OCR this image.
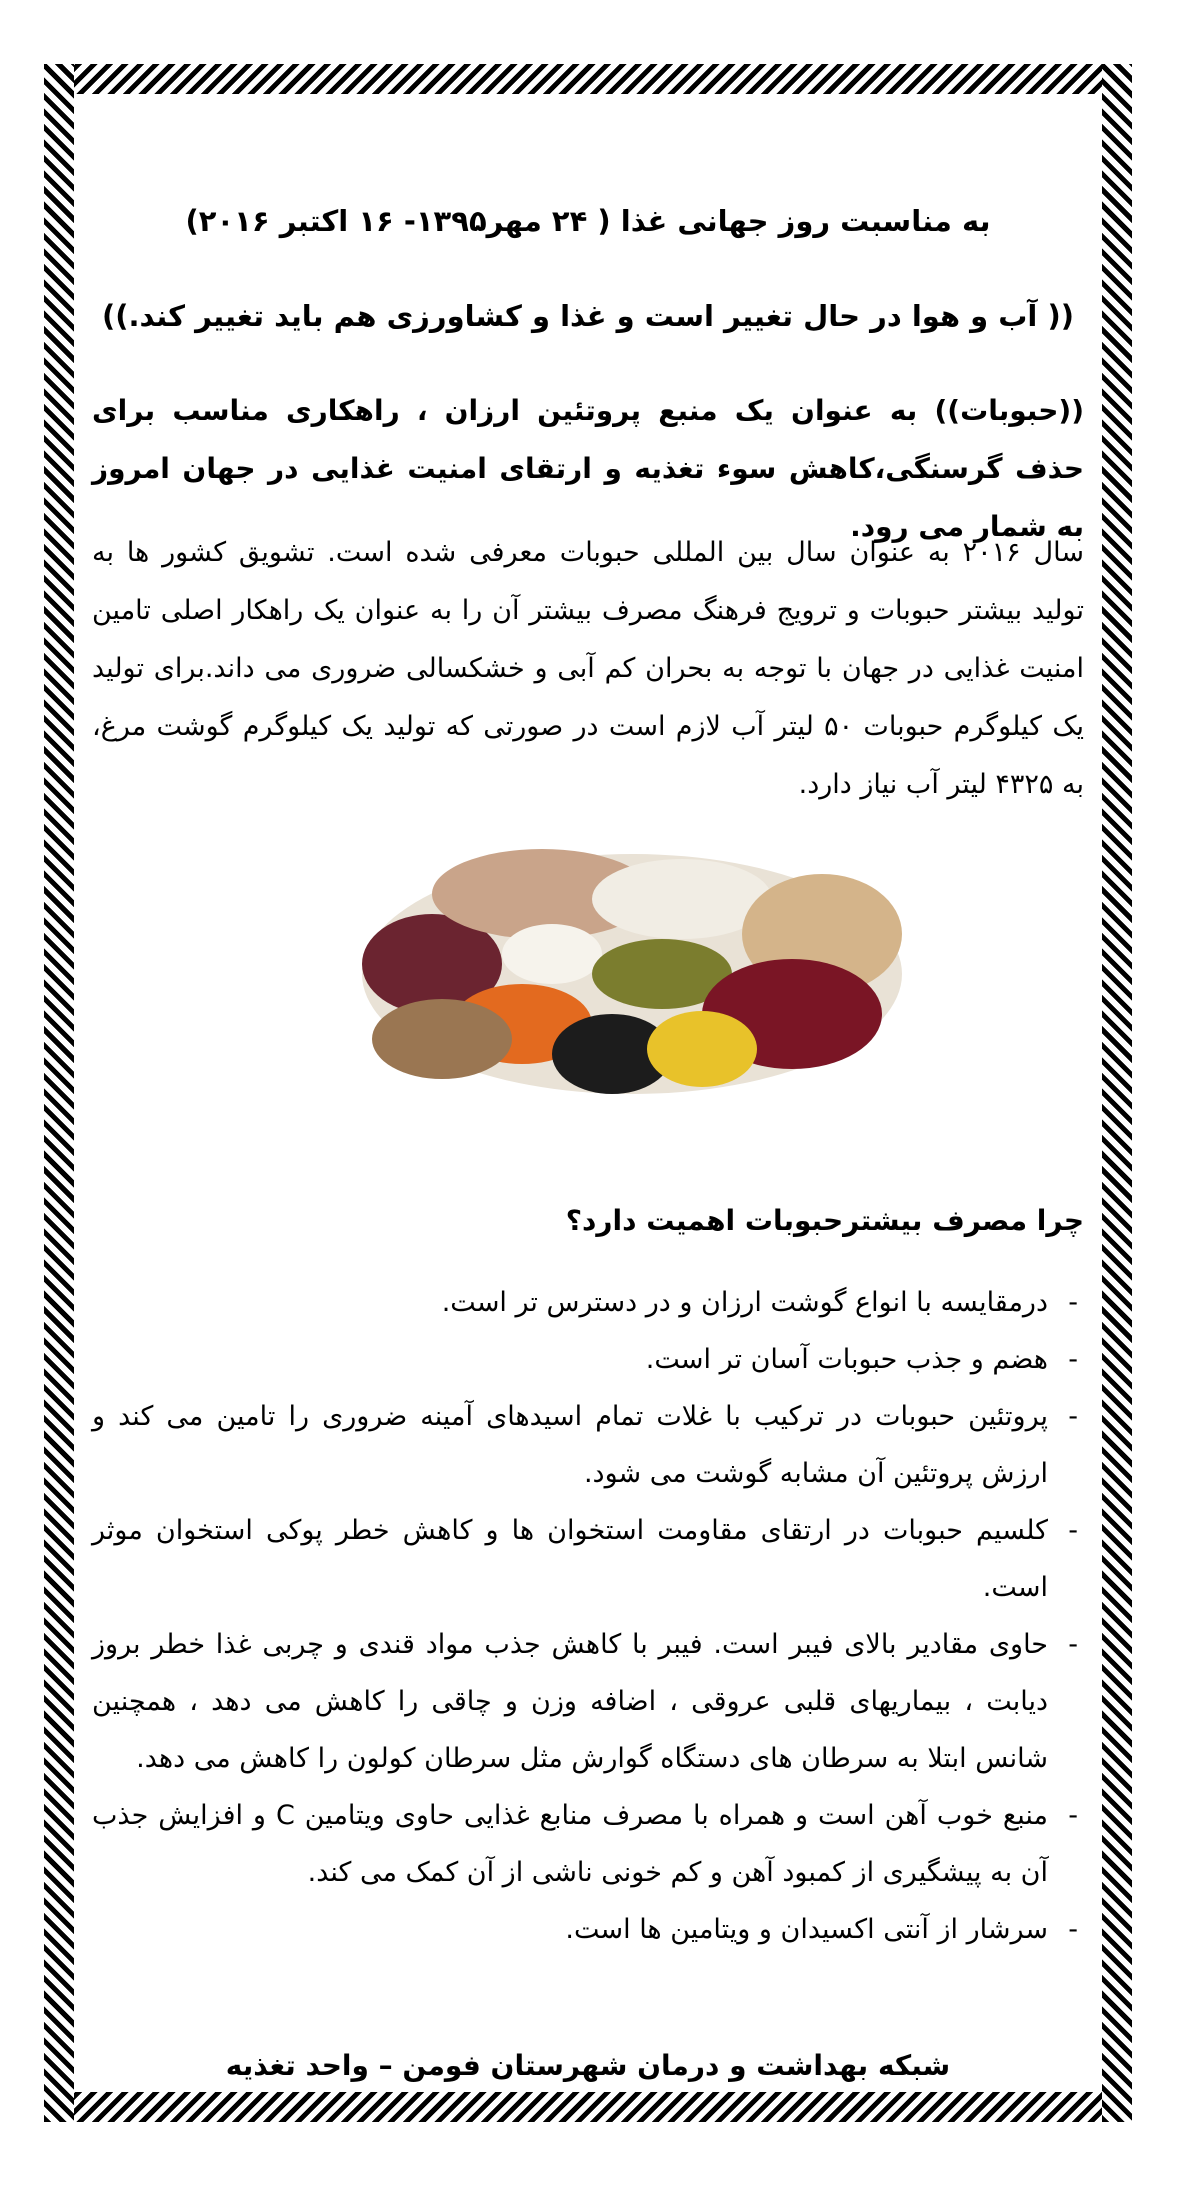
به مناسبت روز جهانی غذا ( ۲۴ مهر۱۳۹۵- ۱۶ اکتبر ۲۰۱۶)
(( آب و هوا در حال تغییر است و غذا و کشاورزی هم باید تغییر کند.))
((حبوبات)) به عنوان یک منبع پروتئین ارزان ، راهکاری مناسب برای حذف گرسنگی،کاهش سوء تغذیه و ارتقای امنیت غذایی در جهان امروز به شمار می رود.
سال ۲۰۱۶ به عنوان سال بین المللی حبوبات معرفی شده است. تشویق کشور ها به تولید بیشتر حبوبات و ترویج فرهنگ مصرف بیشتر آن را به عنوان یک راهکار اصلی تامین امنیت غذایی در جهان با توجه به بحران کم آبی و خشکسالی ضروری می داند.برای تولید یک کیلوگرم حبوبات ۵۰ لیتر آب لازم است در صورتی که تولید یک کیلوگرم گوشت مرغ، به ۴۳۲۵ لیتر آب نیاز دارد.
چرا مصرف بیشترحبوبات اهمیت دارد؟
- درمقایسه با انواع گوشت ارزان و در دسترس تر است.
- هضم و جذب حبوبات آسان تر است.
- پروتئین حبوبات در ترکیب با غلات تمام اسیدهای آمینه ضروری را تامین می کند و ارزش پروتئین آن مشابه گوشت می شود.
- کلسیم حبوبات در ارتقای مقاومت استخوان ها و کاهش خطر پوکی استخوان موثر است.
- حاوی مقادیر بالای فیبر است. فیبر با کاهش جذب مواد قندی و چربی غذا خطر بروز دیابت ، بیماریهای قلبی عروقی ، اضافه وزن و چاقی را کاهش می دهد ، همچنین شانس ابتلا به سرطان های دستگاه گوارش مثل سرطان کولون را کاهش می دهد.
- منبع خوب آهن است و همراه با مصرف منابع غذایی حاوی ویتامین C و افزایش جذب آن به پیشگیری از کمبود آهن و کم خونی ناشی از آن کمک می کند.
- سرشار از آنتی اکسیدان و ویتامین ها است.
شبکه بهداشت و درمان شهرستان فومن – واحد تغذیه
